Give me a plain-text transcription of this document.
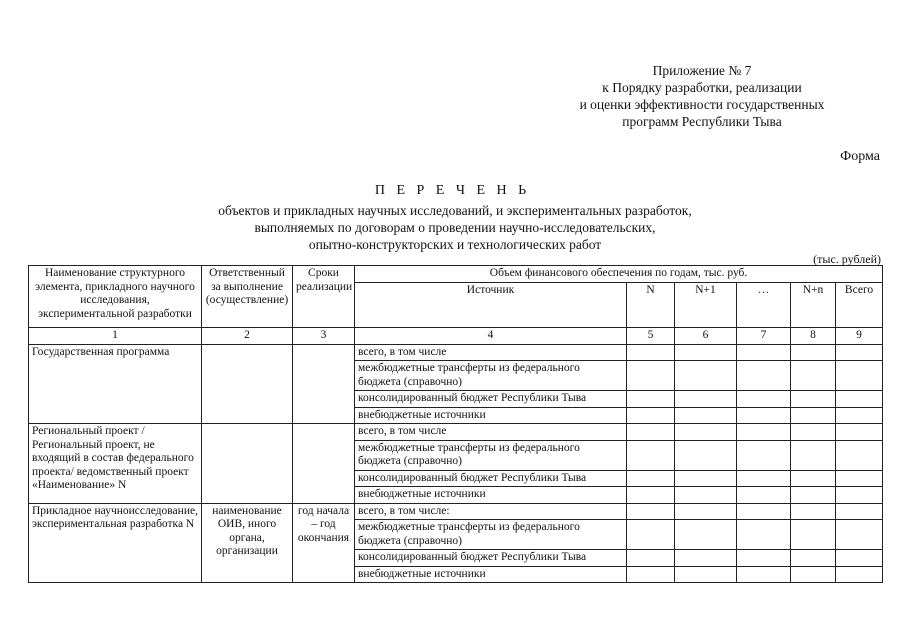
Приложение № 7
к Порядку разработки, реализации
и оценки эффективности государственных
программ Республики Тыва
Форма
П Е Р Е Ч Е Н Ь
объектов и прикладных научных исследований, и экспериментальных разработок,
выполняемых по договорам о проведении научно-исследовательских,
опытно-конструкторских и технологических работ
(тыс. рублей)
Наименование структурного элемента, прикладного научного исследования, экспериментальной разработки	Ответственный за выполнение (осуществление)	Сроки реализации	Объем финансового обеспечения по годам, тыс. руб.					
			Источник	N	N+1	…	N+n	Всего
1	2	3	4	5	6	7	8	9
Государственная программа			всего, в том числе					
			межбюджетные трансферты из федерального бюджета (справочно)					
			консолидированный бюджет Республики Тыва					
			внебюджетные источники					
Региональный проект / Региональный проект, не входящий в состав федерального проекта/ ведомственный проект «Наименование» N			всего, в том числе					
			межбюджетные трансферты из федерального бюджета (справочно)					
			консолидированный бюджет Республики Тыва					
			внебюджетные источники					
Прикладное научноисследование, экспериментальная разработка N	наименование ОИВ, иного органа, организации	год начала – год окончания	всего, в том числе:					
			межбюджетные трансферты из федерального бюджета (справочно)					
			консолидированный бюджет Республики Тыва					
			внебюджетные источники					
